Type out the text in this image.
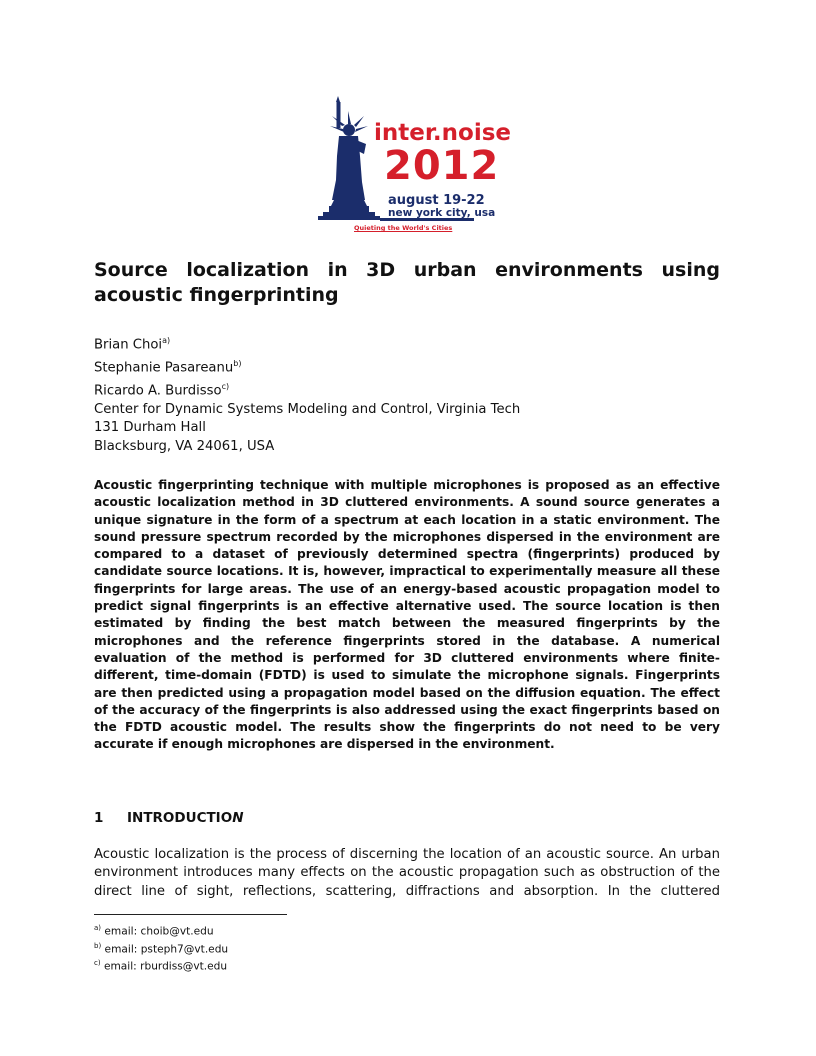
inter.noise
2012
august 19-22
new york city, usa
Quieting the World's Cities
Source localization in 3D urban environments using acoustic fingerprinting
Brian Choi$^{a)}$
Stephanie Pasareanu$^{b)}$
Ricardo A. Burdisso$^{c)}$
Center for Dynamic Systems Modeling and Control, Virginia Tech
131 Durham Hall
Blacksburg, VA 24061, USA
Acoustic fingerprinting technique with multiple microphones is proposed as an effective acoustic localization method in 3D cluttered environments. A sound source generates a unique signature in the form of a spectrum at each location in a static environment. The sound pressure spectrum recorded by the microphones dispersed in the environment are compared to a dataset of previously determined spectra (fingerprints) produced by candidate source locations. It is, however, impractical to experimentally measure all these fingerprints for large areas. The use of an energy-based acoustic propagation model to predict signal fingerprints is an effective alternative used. The source location is then estimated by finding the best match between the measured fingerprints by the microphones and the reference fingerprints stored in the database. A numerical evaluation of the method is performed for 3D cluttered environments where finite-different, time-domain (FDTD) is used to simulate the microphone signals. Fingerprints are then predicted using a propagation model based on the diffusion equation. The effect of the accuracy of the fingerprints is also addressed using the exact fingerprints based on the FDTD acoustic model. The results show the fingerprints do not need to be very accurate if enough microphones are dispersed in the environment.
1 INTRODUCTION
Acoustic localization is the process of discerning the location of an acoustic source. An urban environment introduces many effects on the acoustic propagation such as obstruction of the direct line of sight, reflections, scattering, diffractions and absorption. In the cluttered
$^{a)}$ email: choib@vt.edu
$^{b)}$ email: psteph7@vt.edu
$^{c)}$ email: rburdiss@vt.edu
